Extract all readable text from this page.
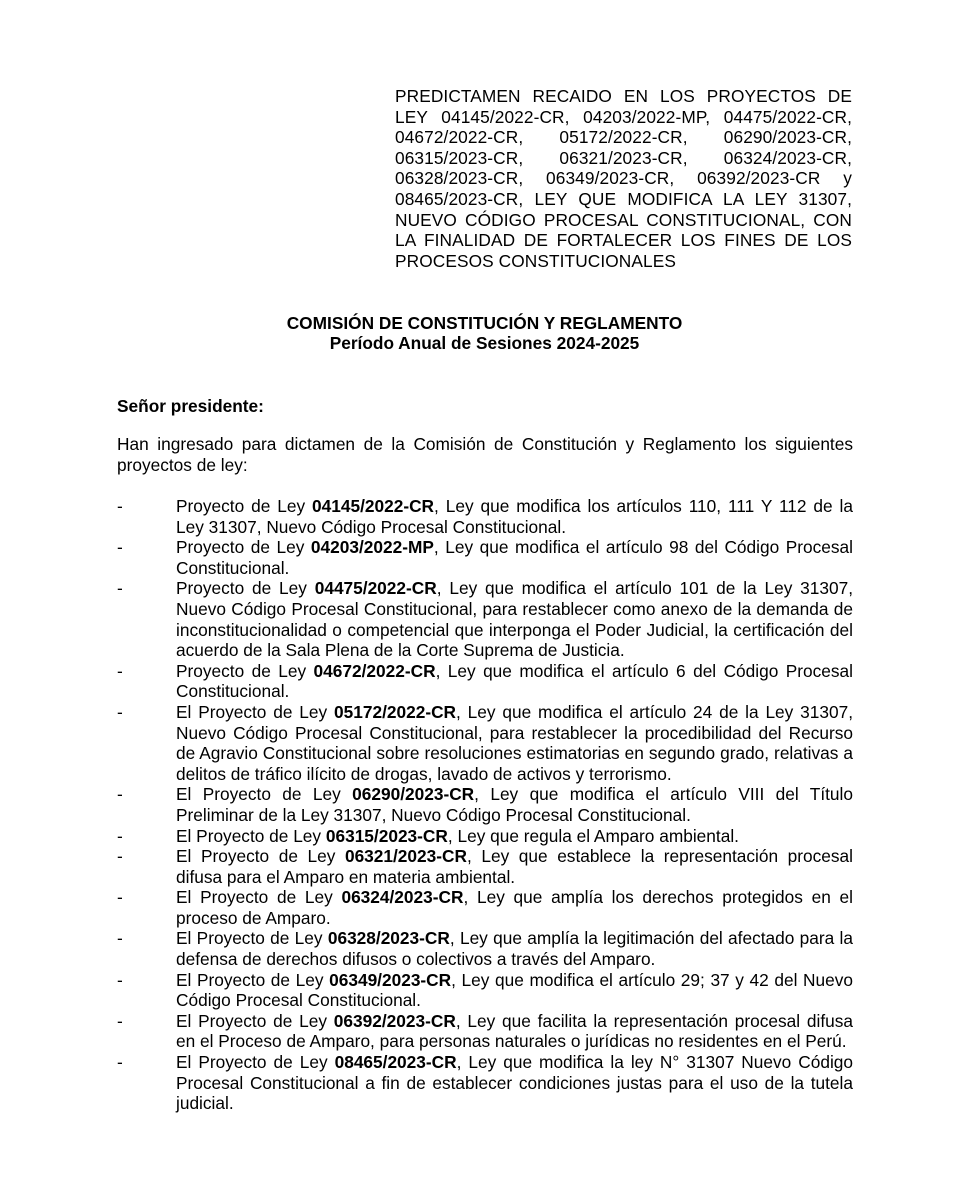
PREDICTAMEN RECAIDO EN LOS PROYECTOS DE LEY 04145/2022-CR, 04203/2022-MP, 04475/2022-CR, 04672/2022-CR, 05172/2022-CR, 06290/2023-CR, 06315/2023-CR, 06321/2023-CR, 06324/2023-CR, 06328/2023-CR, 06349/2023-CR, 06392/2023-CR y 08465/2023-CR, LEY QUE MODIFICA LA LEY 31307, NUEVO CÓDIGO PROCESAL CONSTITUCIONAL, CON LA FINALIDAD DE FORTALECER LOS FINES DE LOS PROCESOS CONSTITUCIONALES
COMISIÓN DE CONSTITUCIÓN Y REGLAMENTO
Período Anual de Sesiones 2024-2025
Señor presidente:
Han ingresado para dictamen de la Comisión de Constitución y Reglamento los siguientes proyectos de ley:
-	Proyecto de Ley 04145/2022-CR, Ley que modifica los artículos 110, 111 Y 112 de la Ley 31307, Nuevo Código Procesal Constitucional.
-	Proyecto de Ley 04203/2022-MP, Ley que modifica el artículo 98 del Código Procesal Constitucional.
-	Proyecto de Ley 04475/2022-CR, Ley que modifica el artículo 101 de la Ley 31307, Nuevo Código Procesal Constitucional, para restablecer como anexo de la demanda de inconstitucionalidad o competencial que interponga el Poder Judicial, la certificación del acuerdo de la Sala Plena de la Corte Suprema de Justicia.
-	Proyecto de Ley 04672/2022-CR, Ley que modifica el artículo 6 del Código Procesal Constitucional.
-	El Proyecto de Ley 05172/2022-CR, Ley que modifica el artículo 24 de la Ley 31307, Nuevo Código Procesal Constitucional, para restablecer la procedibilidad del Recurso de Agravio Constitucional sobre resoluciones estimatorias en segundo grado, relativas a delitos de tráfico ilícito de drogas, lavado de activos y terrorismo.
-	El Proyecto de Ley 06290/2023-CR, Ley que modifica el artículo VIII del Título Preliminar de la Ley 31307, Nuevo Código Procesal Constitucional.
-	El Proyecto de Ley 06315/2023-CR, Ley que regula el Amparo ambiental.
-	El Proyecto de Ley 06321/2023-CR, Ley que establece la representación procesal difusa para el Amparo en materia ambiental.
-	El Proyecto de Ley 06324/2023-CR, Ley que amplía los derechos protegidos en el proceso de Amparo.
-	El Proyecto de Ley 06328/2023-CR, Ley que amplía la legitimación del afectado para la defensa de derechos difusos o colectivos a través del Amparo.
-	El Proyecto de Ley 06349/2023-CR, Ley que modifica el artículo 29; 37 y 42 del Nuevo Código Procesal Constitucional.
-	El Proyecto de Ley 06392/2023-CR, Ley que facilita la representación procesal difusa en el Proceso de Amparo, para personas naturales o jurídicas no residentes en el Perú.
-	El Proyecto de Ley 08465/2023-CR, Ley que modifica la ley N° 31307 Nuevo Código Procesal Constitucional a fin de establecer condiciones justas para el uso de la tutela judicial.
